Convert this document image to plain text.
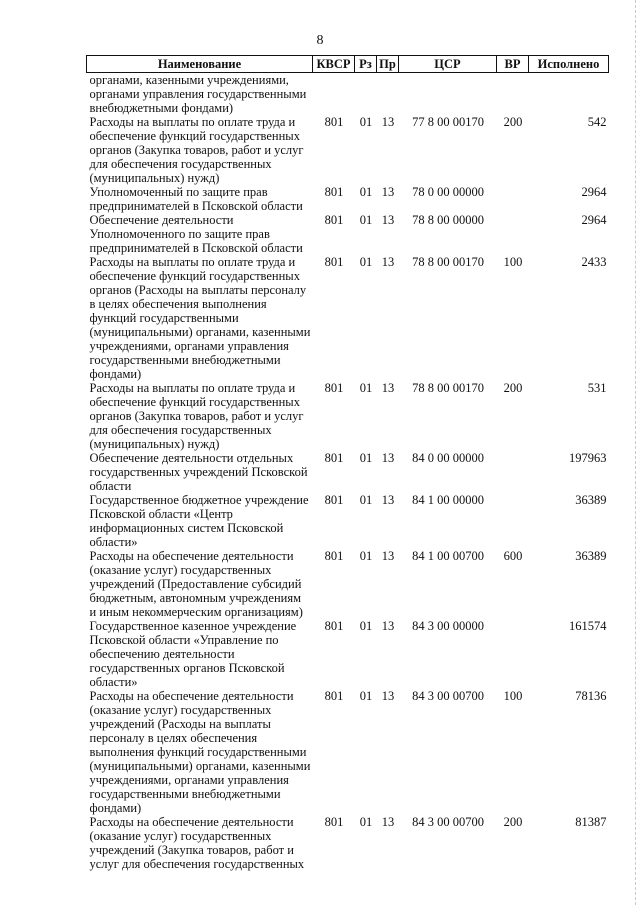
8
Наименование	КВСР	Рз	Пр	ЦСР	ВР	Исполнено
органами, казенными учреждениями, органами управления государственными внебюджетными фондами)						
Расходы на выплаты по оплате труда и обеспечение функций государственных органов (Закупка товаров, работ и услуг для обеспечения государственных (муниципальных) нужд)	801	01	13	77 8 00 00170	200	542
Уполномоченный по защите прав предпринимателей в Псковской области	801	01	13	78 0 00 00000		2964
Обеспечение деятельности Уполномоченного по защите прав предпринимателей в Псковской области	801	01	13	78 8 00 00000		2964
Расходы на выплаты по оплате труда и обеспечение функций государственных органов (Расходы на выплаты персоналу в целях обеспечения выполнения функций государственными (муниципальными) органами, казенными учреждениями, органами управления государственными внебюджетными фондами)	801	01	13	78 8 00 00170	100	2433
Расходы на выплаты по оплате труда и обеспечение функций государственных органов (Закупка товаров, работ и услуг для обеспечения государственных (муниципальных) нужд)	801	01	13	78 8 00 00170	200	531
Обеспечение деятельности отдельных государственных учреждений Псковской области	801	01	13	84 0 00 00000		197963
Государственное бюджетное учреждение Псковской области «Центр информационных систем Псковской области»	801	01	13	84 1 00 00000		36389
Расходы на обеспечение деятельности (оказание услуг) государственных учреждений (Предоставление субсидий бюджетным, автономным учреждениям и иным некоммерческим организациям)	801	01	13	84 1 00 00700	600	36389
Государственное казенное учреждение Псковской области «Управление по обеспечению деятельности государственных органов Псковской области»	801	01	13	84 3 00 00000		161574
Расходы на обеспечение деятельности (оказание услуг) государственных учреждений (Расходы на выплаты персоналу в целях обеспечения выполнения функций государственными (муниципальными) органами, казенными учреждениями, органами управления государственными внебюджетными фондами)	801	01	13	84 3 00 00700	100	78136
Расходы на обеспечение деятельности (оказание услуг) государственных учреждений (Закупка товаров, работ и услуг для обеспечения государственных	801	01	13	84 3 00 00700	200	81387
